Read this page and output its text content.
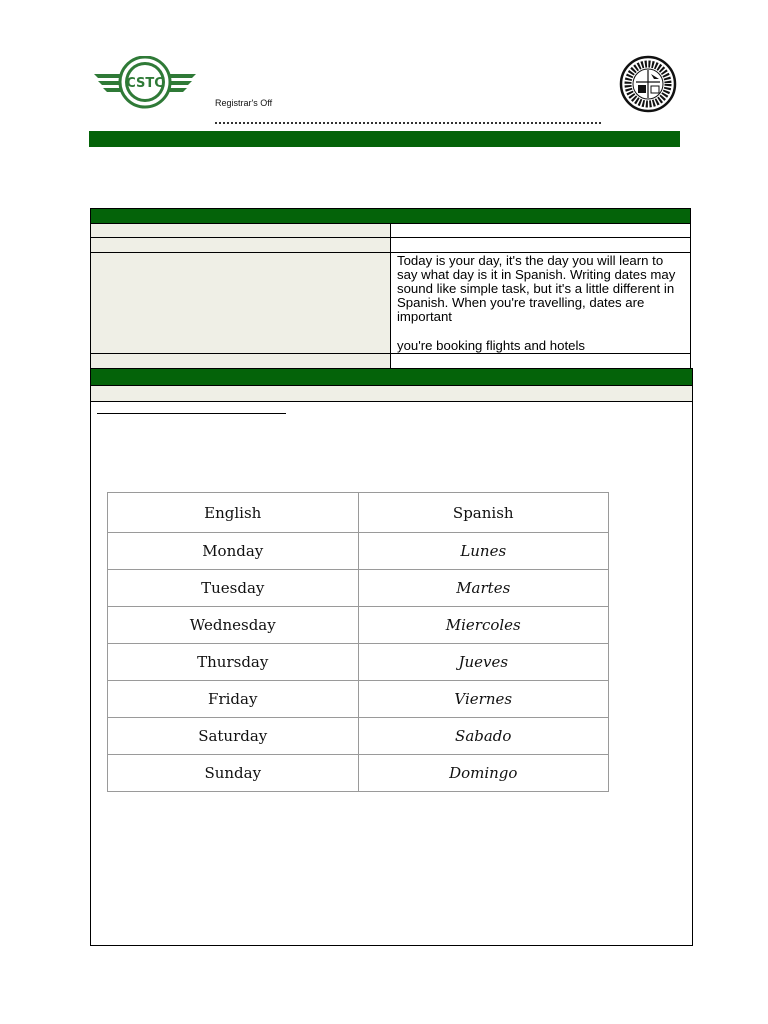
CSTC
Registrar's Off

	Today is your day, it's the day you will learn to say what day is it in Spanish. Writing dates may sound like simple task, but it's a little different in Spanish. When you're travelling, dates are important

you're booking flights and hotels

English	Spanish
Monday	Lunes
Tuesday	Martes
Wednesday	Miercoles
Thursday	Jueves
Friday	Viernes
Saturday	Sabado
Sunday	Domingo
